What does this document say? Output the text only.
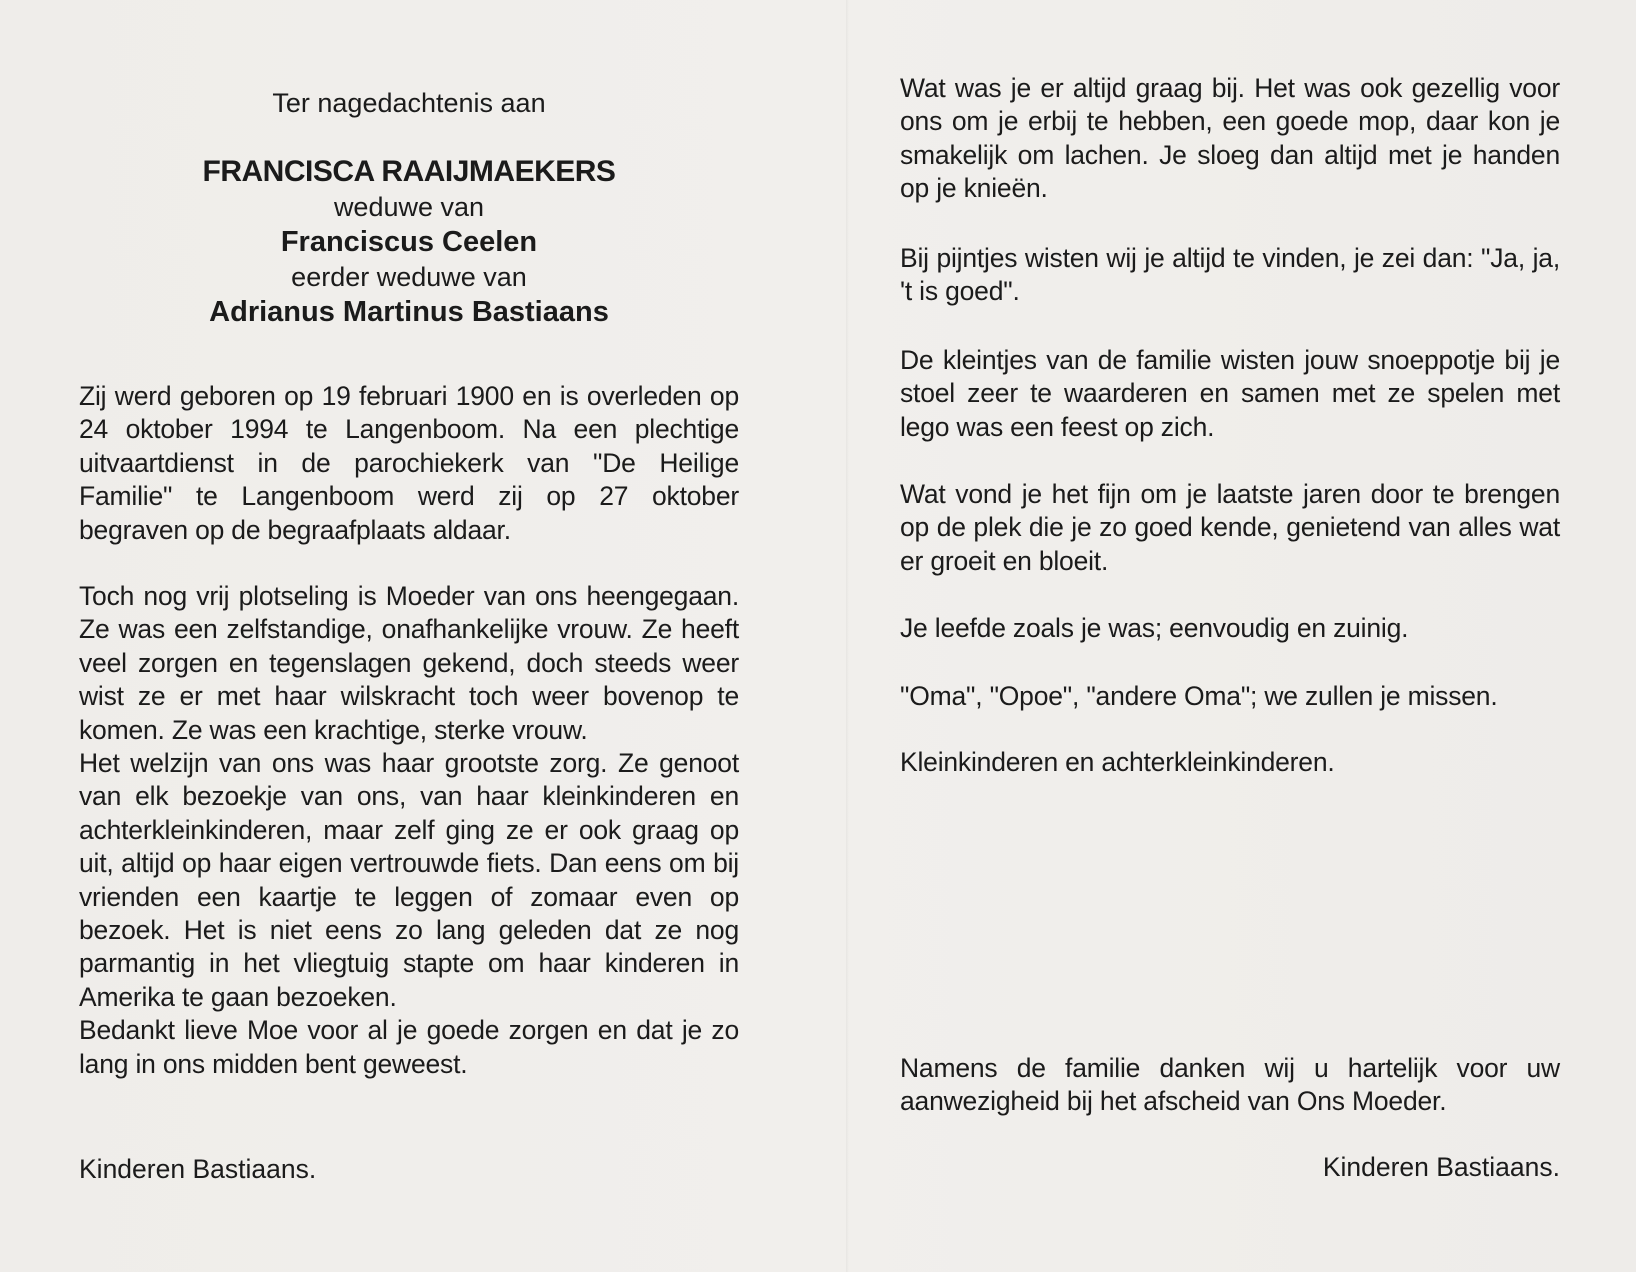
Ter nagedachtenis aan

FRANCISCA RAAIJMAEKERS

weduwe van

Franciscus Ceelen

eerder weduwe van

Adrianus Martinus Bastiaans

Zij werd geboren op 19 februari 1900 en is overleden op 24 oktober 1994 te Langenboom. Na een plechtige uitvaartdienst in de parochiekerk van "De Heilige Familie" te Langenboom werd zij op 27 oktober begraven op de begraafplaats aldaar.

Toch nog vrij plotseling is Moeder van ons heengegaan. Ze was een zelfstandige, onafhankelijke vrouw. Ze heeft veel zorgen en tegenslagen gekend, doch steeds weer wist ze er met haar wilskracht toch weer bovenop te komen. Ze was een krachtige, sterke vrouw.

Het welzijn van ons was haar grootste zorg. Ze genoot van elk bezoekje van ons, van haar kleinkinderen en achterkleinkinderen, maar zelf ging ze er ook graag op uit, altijd op haar eigen vertrouwde fiets. Dan eens om bij vrienden een kaartje te leggen of zomaar even op bezoek. Het is niet eens zo lang geleden dat ze nog parmantig in het vliegtuig stapte om haar kinderen in Amerika te gaan bezoeken.

Bedankt lieve Moe voor al je goede zorgen en dat je zo lang in ons midden bent geweest.

Kinderen Bastiaans.

Wat was je er altijd graag bij. Het was ook gezellig voor ons om je erbij te hebben, een goede mop, daar kon je smakelijk om lachen. Je sloeg dan altijd met je handen op je knieën.

Bij pijntjes wisten wij je altijd te vinden, je zei dan: "Ja, ja, 't is goed".

De kleintjes van de familie wisten jouw snoeppotje bij je stoel zeer te waarderen en samen met ze spelen met lego was een feest op zich.

Wat vond je het fijn om je laatste jaren door te brengen op de plek die je zo goed kende, genietend van alles wat er groeit en bloeit.

Je leefde zoals je was; eenvoudig en zuinig.

"Oma", "Opoe", "andere Oma"; we zullen je missen.

Kleinkinderen en achterkleinkinderen.

Namens de familie danken wij u hartelijk voor uw aanwezigheid bij het afscheid van Ons Moeder.

Kinderen Bastiaans.
